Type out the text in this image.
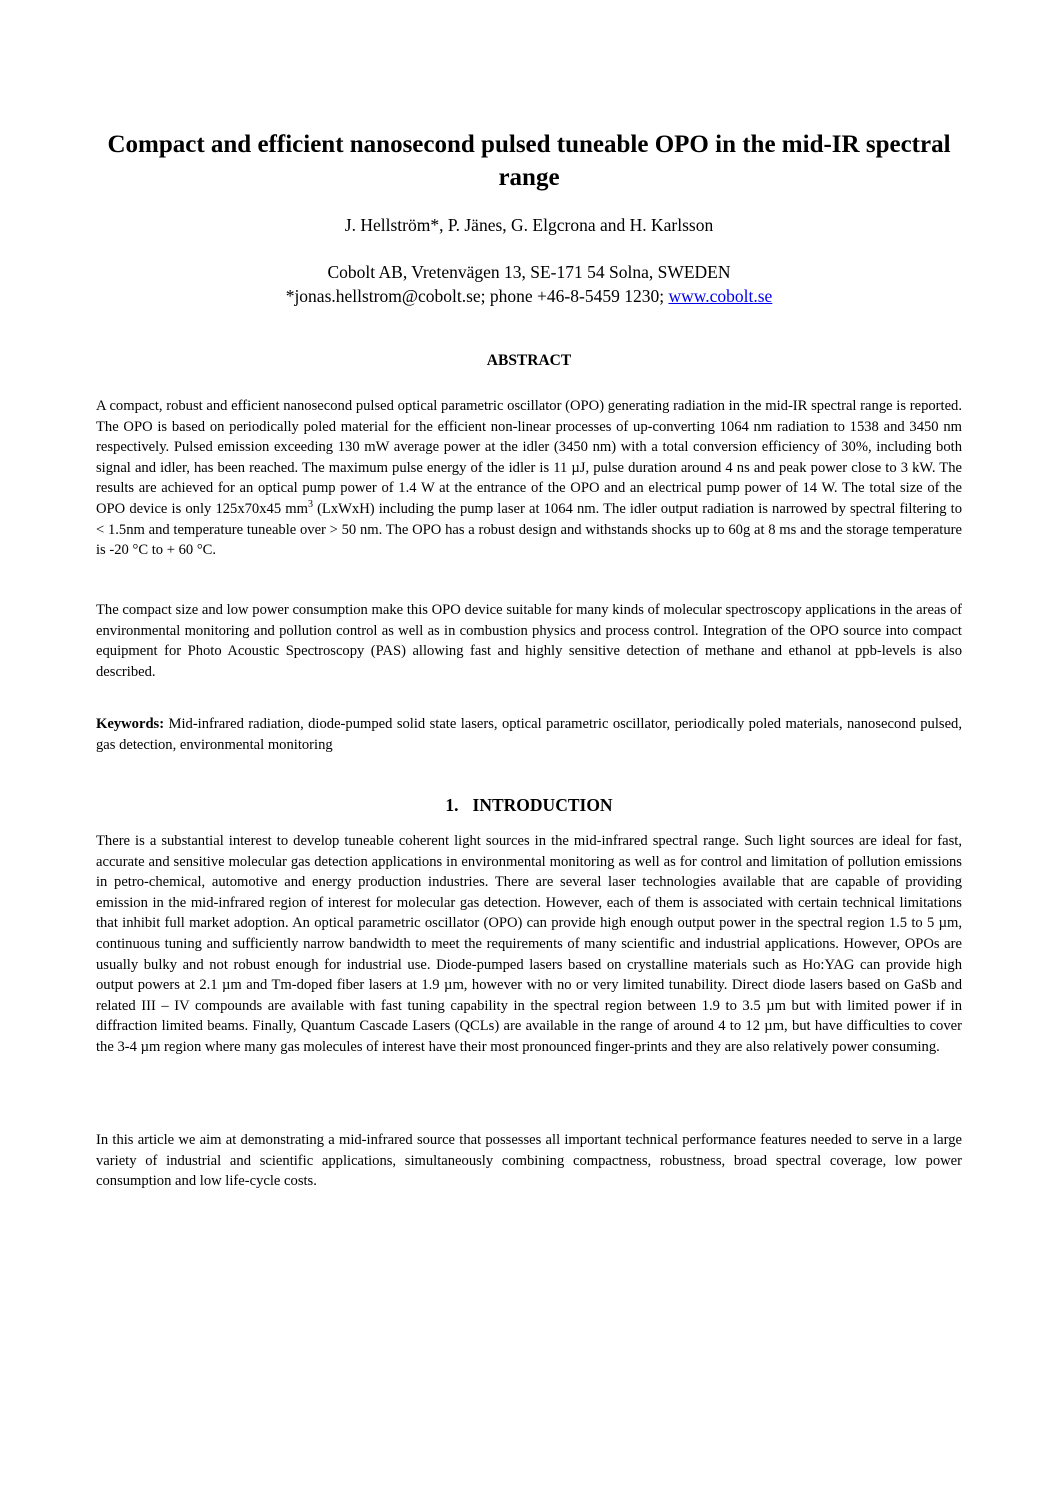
Compact and efficient nanosecond pulsed tuneable OPO in the mid-IR spectral range

J. Hellström*, P. Jänes, G. Elgcrona and H. Karlsson

Cobolt AB, Vretenvägen 13, SE-171 54 Solna, SWEDEN
*jonas.hellstrom@cobolt.se; phone +46-8-5459 1230; www.cobolt.se
ABSTRACT

A compact, robust and efficient nanosecond pulsed optical parametric oscillator (OPO) generating radiation in the mid-IR spectral range is reported. The OPO is based on periodically poled material for the efficient non-linear processes of up-converting 1064 nm radiation to 1538 and 3450 nm respectively. Pulsed emission exceeding 130 mW average power at the idler (3450 nm) with a total conversion efficiency of 30%, including both signal and idler, has been reached. The maximum pulse energy of the idler is 11 µJ, pulse duration around 4 ns and peak power close to 3 kW. The results are achieved for an optical pump power of 1.4 W at the entrance of the OPO and an electrical pump power of 14 W. The total size of the OPO device is only 125x70x45 $mm^3$ (LxWxH) including the pump laser at 1064 nm. The idler output radiation is narrowed by spectral filtering to < 1.5nm and temperature tuneable over > 50 nm. The OPO has a robust design and withstands shocks up to 60g at 8 ms and the storage temperature is -20 °C to + 60 °C.

The compact size and low power consumption make this OPO device suitable for many kinds of molecular spectroscopy applications in the areas of environmental monitoring and pollution control as well as in combustion physics and process control. Integration of the OPO source into compact equipment for Photo Acoustic Spectroscopy (PAS) allowing fast and highly sensitive detection of methane and ethanol at ppb-levels is also described.

Keywords: Mid-infrared radiation, diode-pumped solid state lasers, optical parametric oscillator, periodically poled materials, nanosecond pulsed, gas detection, environmental monitoring

1. INTRODUCTION

There is a substantial interest to develop tuneable coherent light sources in the mid-infrared spectral range. Such light sources are ideal for fast, accurate and sensitive molecular gas detection applications in environmental monitoring as well as for control and limitation of pollution emissions in petro-chemical, automotive and energy production industries. There are several laser technologies available that are capable of providing emission in the mid-infrared region of interest for molecular gas detection. However, each of them is associated with certain technical limitations that inhibit full market adoption. An optical parametric oscillator (OPO) can provide high enough output power in the spectral region 1.5 to 5 µm, continuous tuning and sufficiently narrow bandwidth to meet the requirements of many scientific and industrial applications. However, OPOs are usually bulky and not robust enough for industrial use. Diode-pumped lasers based on crystalline materials such as Ho:YAG can provide high output powers at 2.1 µm and Tm-doped fiber lasers at 1.9 µm, however with no or very limited tunability. Direct diode lasers based on GaSb and related III – IV compounds are available with fast tuning capability in the spectral region between 1.9 to 3.5 µm but with limited power if in diffraction limited beams. Finally, Quantum Cascade Lasers (QCLs) are available in the range of around 4 to 12 µm, but have difficulties to cover the 3-4 µm region where many gas molecules of interest have their most pronounced finger-prints and they are also relatively power consuming.

In this article we aim at demonstrating a mid-infrared source that possesses all important technical performance features needed to serve in a large variety of industrial and scientific applications, simultaneously combining compactness, robustness, broad spectral coverage, low power consumption and low life-cycle costs.
